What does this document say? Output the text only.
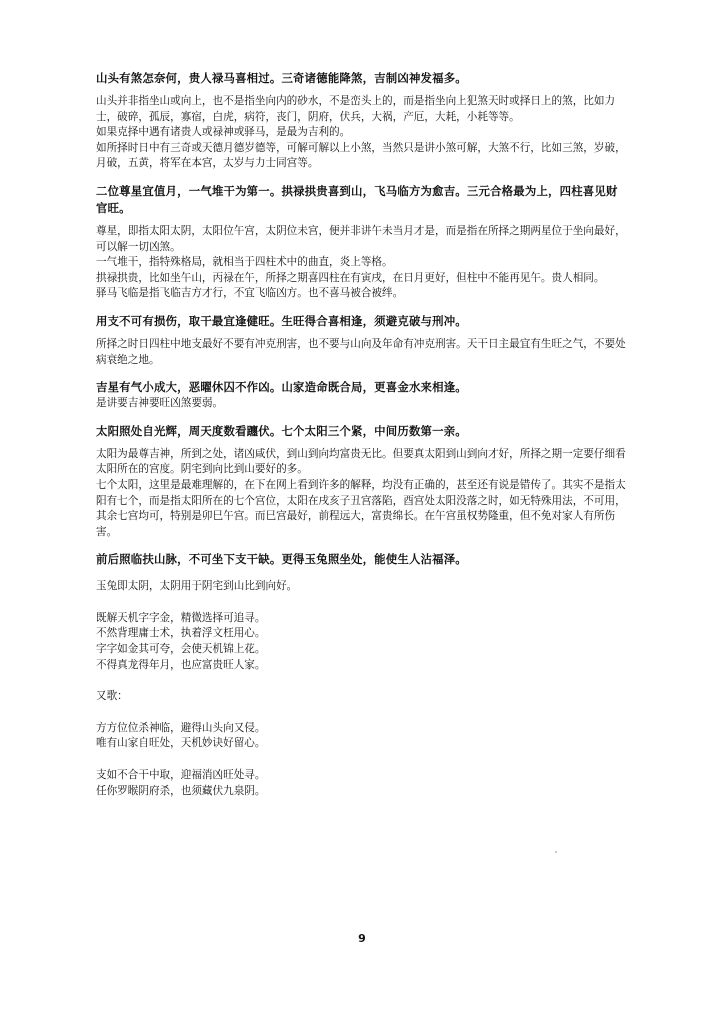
山头有煞怎奈何，贵人禄马喜相过。三奇诸德能降煞，吉制凶神发福多。

山头并非指坐山或向上，也不是指坐向内的砂水，不是峦头上的，而是指坐向上犯煞天时或择日上的煞，比如力士，破碎，孤辰，寡宿，白虎，病符，丧门，阴府，伏兵，大祸，产厄，大耗，小耗等等。

如果克择中遇有诸贵人或禄神或驿马，是最为吉利的。

如所择时日中有三奇或天德月德岁德等，可解可解以上小煞，当然只是讲小煞可解，大煞不行，比如三煞，岁破，月破，五黄，将军在本宫，太岁与力士同宫等。

二位尊星宜值月，一气堆干为第一。拱禄拱贵喜到山，飞马临方为愈吉。三元合格最为上，四柱喜见财官旺。

尊星，即指太阳太阴，太阳位午宫，太阴位未宫，便并非讲午未当月才是，而是指在所择之期两星位于坐向最好，可以解一切凶煞。

一气堆干，指特殊格局，就相当于四柱术中的曲直，炎上等格。

拱禄拱贵，比如坐午山，丙禄在午，所择之期喜四柱在有寅戌，在日月更好，但柱中不能再见午。贵人相同。

驿马飞临是指飞临吉方才行，不宜飞临凶方。也不喜马被合被绊。

用支不可有损伤，取干最宜逢健旺。生旺得合喜相逢，须避克破与刑冲。

所择之时日四柱中地支最好不要有冲克刑害，也不要与山向及年命有冲克刑害。天干日主最宜有生旺之气，不要处病衰绝之地。

吉星有气小成大，恶曜休囚不作凶。山家造命既合局，更喜金水来相逢。

是讲要吉神要旺凶煞要弱。

太阳照处自光辉，周天度数看躔伏。七个太阳三个紧，中间历数第一亲。

太阳为最尊吉神，所到之处，诸凶咸伏，到山到向均富贵无比。但要真太阳到山到向才好，所择之期一定要仔细看太阳所在的宫度。阴宅到向比到山要好的多。

七个太阳，这里是最难理解的，在下在网上看到许多的解释，均没有正确的，甚至还有说是错传了。其实不是指太阳有七个，而是指太阳所在的七个宫位，太阳在戌亥子丑宫落陷，酉宫处太阳没落之时，如无特殊用法，不可用，其余七宫均可，特别是卯巳午宫。而巳宫最好，前程远大，富贵绵长。在午宫虽权势隆重，但不免对家人有所伤害。

前后照临扶山脉，不可坐下支干缺。更得玉兔照坐处，能使生人沾福泽。

玉兔即太阴，太阴用于阴宅到山比到向好。

既解天机字字金，精微选择可追寻。

不然背理庸士术，执着浮文枉用心。

字字如金其可夸，会使天机锦上花。

不得真龙得年月，也应富贵旺人家。

又歌：

方方位位杀神临，避得山头向又侵。

唯有山家自旺处，天机妙诀好留心。

支如不合干中取，迎福消凶旺处寻。

任你罗睺阴府杀，也须藏伏九泉阴。

9
